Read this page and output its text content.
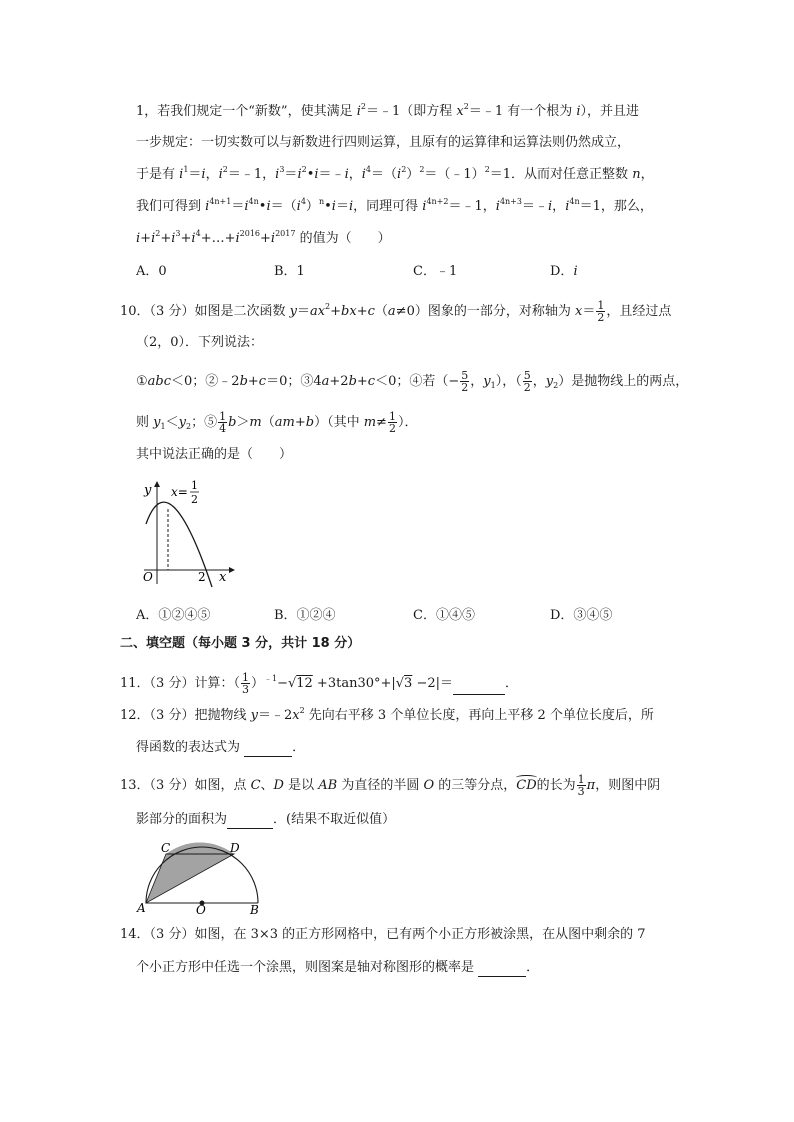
1，若我们规定一个“新数”，使其满足 $i^2=﹣1$（即方程 $x^2=﹣1$ 有一个根为 i），并且进
一步规定：一切实数可以与新数进行四则运算，且原有的运算律和运算法则仍然成立，
于是有 $i^1=i$，$i^2=﹣1$，$i^3=i^2•i=﹣i$，$i^4=(i^2)^2=(﹣1)^2=1$．从而对任意正整数 n，
我们可得到 $i^{4n+1}=i^{4n}•i=(i^4)^n•i=i$，同理可得 $i^{4n+2}=﹣1$，$i^{4n+3}=﹣i$，$i^{4n}=1$，那么，
$i+i^2+i^3+i^4+\dots+i^{2016}+i^{2017}$ 的值为（　　）
A．0	B．1	C．﹣1	D．i
10．（3 分）如图是二次函数 $y=ax^2+bx+c(a\ne 0)$图象的一部分，对称轴为 $x= \frac{1}{2}$ ，且经过点
（2，0）．下列说法：
①abc＜0；②﹣2b+c＝0；③4a+2b+c＜0；④若（− $\frac{5}{2}$ ，$y_1$），（ $\frac{5}{2}$ ，$y_2$）是抛物线上的两点，
则 $y_1<y_2$；⑤ $\frac{1}{4} b>m(am+b)$（其中 $m\ne \frac{1}{2}$ ）．
其中说法正确的是（　　）
y x= 1
2
O	2 x
A．①②④⑤	B．①②④	C．①④⑤	D．③④⑤
二、填空题（每小题 3 分，共计 18 分）
11．（3 分）计算：（ $\frac{1}{3} )^{﹣1}-√12 +3\tan 30^\circ+|√3 -2|=$	．
12．（3 分）把抛物线 $y=﹣2x^2$ 先向右平移 3 个单位长度，再向上平移 2 个单位长度后，所
得函数的表达式为	．
13．（3 分）如图，点 C、D 是以 AB 为直径的半圆 O 的三等分点，CD的长为 $\frac{1}{3}$ π，则图中阴
影部分的面积为	．(结果不取近似值）
C	D
A	O	B
14．（3 分）如图，在 3×3 的正方形网格中，已有两个小正方形被涂黑，在从图中剩余的 7
个小正方形中任选一个涂黑，则图案是轴对称图形的概率是	．
